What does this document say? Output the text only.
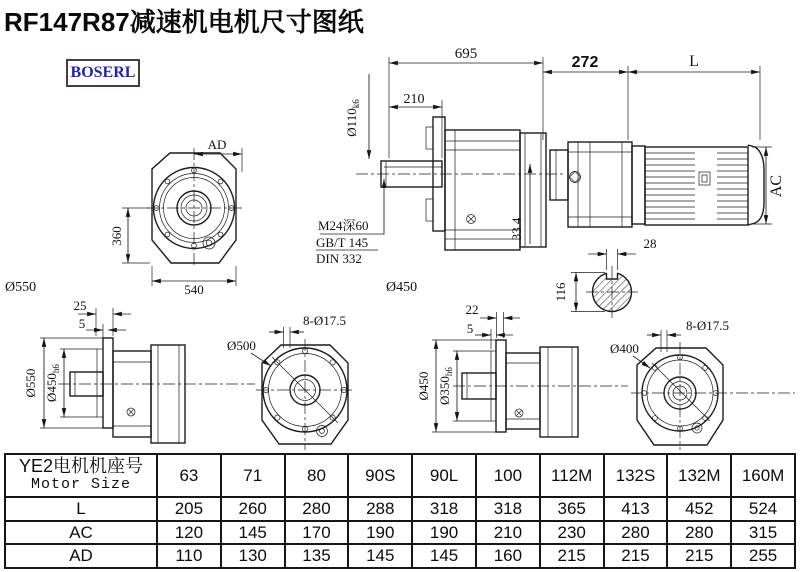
RF147R87减速机电机尺寸图纸
BOSERL
AD
360
540
Ø550
695
210
$Ø110_{k6}$
M24深60
GB/T 145
DIN 332
33.4
Ø450
272	L
AC
28
116
25
5
Ø550 $Ø450_{h6}$
8-Ø17.5
Ø500
22
5
Ø450 $Ø350_{h6}$
8-Ø17.5
Ø400
YE2电机机座号
Motor Size	63	71	80	90S	90L	100	112M	132S	132M	160M
L	205	260	280	288	318	318	365	413	452	524
AC	120	145	170	190	190	210	230	280	280	315
AD	110	130	135	145	145	160	215	215	215	255
